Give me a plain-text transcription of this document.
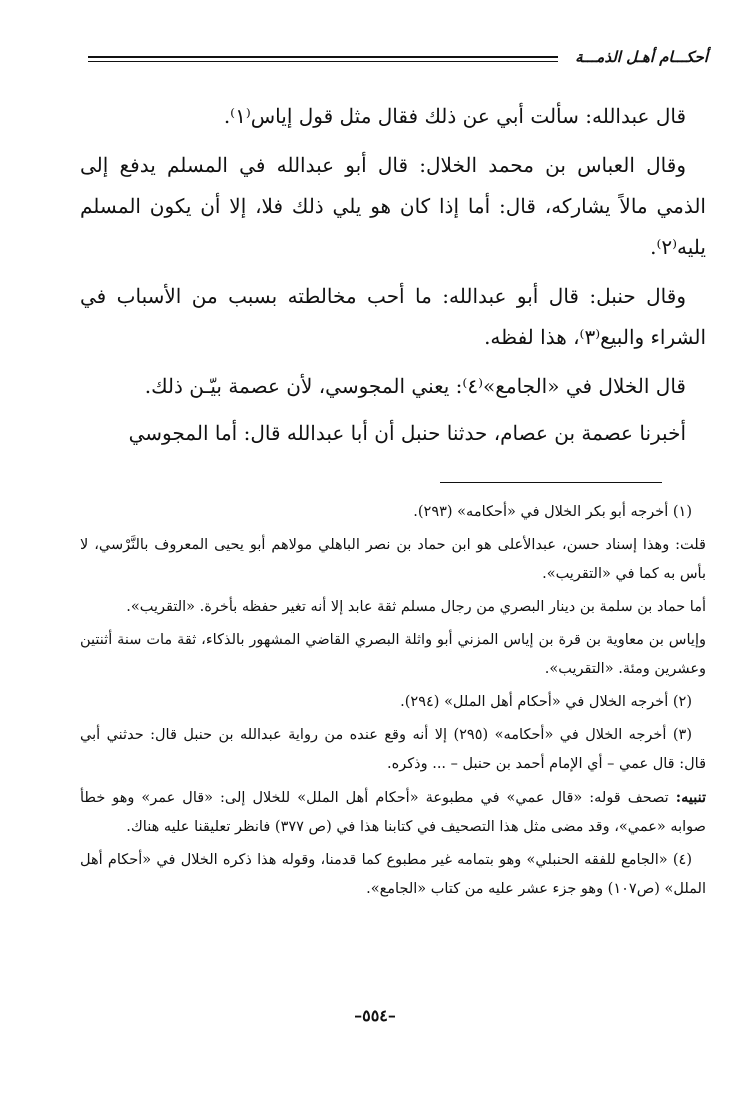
أحكـــام أهـل الذمـــة

قال عبدالله: سألت أبي عن ذلك فقال مثل قول إياس⁽١⁾.

وقال العباس بن محمد الخلال: قال أبو عبدالله في المسلم يدفع إلى الذمي مالاً يشاركه، قال: أما إذا كان هو يلي ذلك فلا، إلا أن يكون المسلم يليه⁽٢⁾.

وقال حنبل: قال أبو عبدالله: ما أحب مخالطته بسبب من الأسباب في الشراء والبيع⁽٣⁾، هذا لفظه.

قال الخلال في «الجامع»⁽٤⁾: يعني المجوسي، لأن عصمة بيّـن ذلك.

أخبرنا عصمة بن عصام، حدثنا حنبل أن أبا عبدالله قال: أما المجوسي

(١) أخرجه أبو بكر الخلال في «أحكامه» (٢٩٣).

قلت: وهذا إسناد حسن، عبدالأعلى هو ابن حماد بن نصر الباهلي مولاهم أبو يحيى المعروف بالنَّرْسي، لا بأس به كما في «التقريب».

أما حماد بن سلمة بن دينار البصري من رجال مسلم ثقة عابد إلا أنه تغير حفظه بأخرة. «التقريب».

وإياس بن معاوية بن قرة بن إياس المزني أبو واثلة البصري القاضي المشهور بالذكاء، ثقة مات سنة أثنتين وعشرين ومئة. «التقريب».

(٢) أخرجه الخلال في «أحكام أهل الملل» (٢٩٤).

(٣) أخرجه الخلال في «أحكامه» (٢٩٥) إلا أنه وقع عنده من رواية عبدالله بن حنبل قال: حدثني أبي قال: قال عمي – أي الإمام أحمد بن حنبل – ... وذكره.

تنبيه: تصحف قوله: «قال عمي» في مطبوعة «أحكام أهل الملل» للخلال إلى: «قال عمر» وهو خطأ صوابه «عمي»، وقد مضى مثل هذا التصحيف في كتابنا هذا في (ص ٣٧٧) فانظر تعليقنا عليه هناك.

(٤) «الجامع للفقه الحنبلي» وهو بتمامه غير مطبوع كما قدمنا، وقوله هذا ذكره الخلال في «أحكام أهل الملل» (ص١٠٧) وهو جزء عشر عليه من كتاب «الجامع».

–٥٥٤–
